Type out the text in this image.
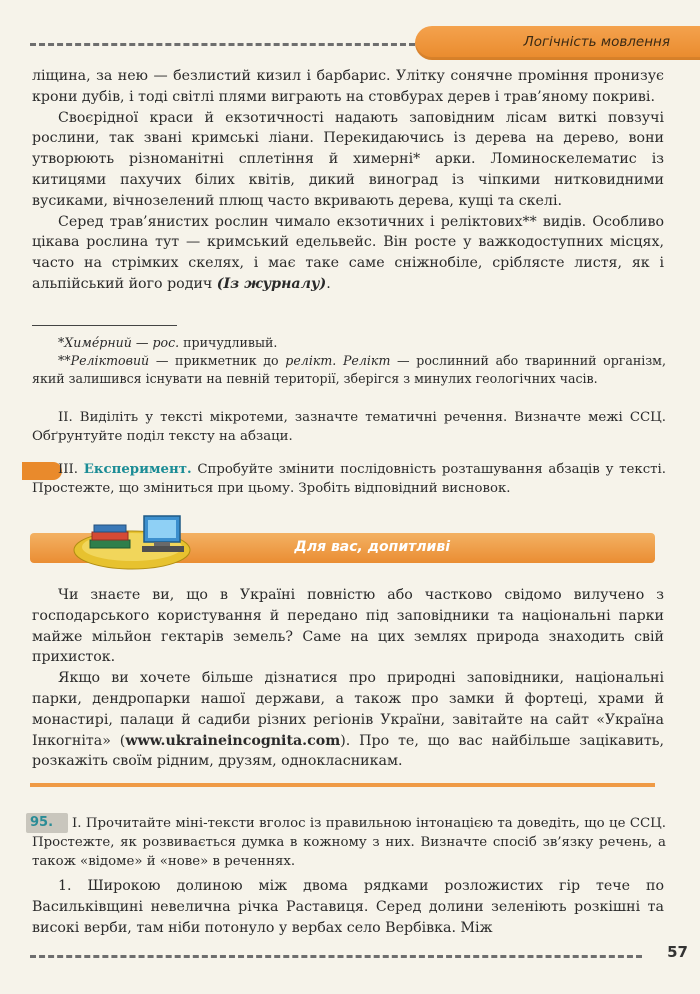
Логічність мовлення

ліщина, за нею — безлистий кизил і барбарис. Улітку сонячне проміння пронизує крони дубів, і тоді світлі плями виграють на стовбурах дерев і трав’яному покриві.

Своєрідної краси й екзотичності надають заповідним лісам виткі повзучі рослини, так звані кримські ліани. Перекидаючись із дерева на дерево, вони утворюють різноманітні сплетіння й химерні* арки. Ломиноскелематис із китицями пахучих білих квітів, дикий виноград із чіпкими нитковидними вусиками, вічнозелений плющ часто вкривають дерева, кущі та скелі.

Серед трав’янистих рослин чимало екзотичних і реліктових** видів. Особливо цікава рослина тут — кримський едельвейс. Він росте у важкодоступних місцях, часто на стрімких скелях, і має таке саме сніжнобіле, сріблясте листя, як і альпійський його родич (Із журналу).

*Химéрний — рос. причудливый.

**Реліктовий — прикметник до релікт. Релікт — рослинний або тваринний організм, який залишився існувати на певній території, зберігся з минулих геологічних часів.

II. Виділіть у тексті мікротеми, зазначте тематичні речення. Визначте межі ССЦ. Обґрунтуйте поділ тексту на абзаци.

III. Експеримент. Спробуйте змінити послідовність розташування абзаців у тексті. Простежте, що зміниться при цьому. Зробіть відповідний висновок.

Для вас, допитливі

Чи знаєте ви, що в Україні повністю або частково свідомо вилучено з господарського користування й передано під заповідники та національні парки майже мільйон гектарів земель? Саме на цих землях природа знаходить свій прихисток.

Якщо ви хочете більше дізнатися про природні заповідники, національні парки, дендропарки нашої держави, а також про замки й фортеці, храми й монастирі, палаци й садиби різних регіонів України, завітайте на сайт «Україна Інкогніта» (www.ukraineincognita.com). Про те, що вас найбільше зацікавить, розкажіть своїм рідним, друзям, однокласникам.

95.	I. Прочитайте міні-тексти вголос із правильною інтонацією та доведіть, що це ССЦ. Простежте, як розвивається думка в кожному з них. Визначте спосіб зв’язку речень, а також «відоме» й «нове» в реченнях.

1. Широкою долиною між двома рядками розложистих гір тече по Васильківщині невелична річка Раставиця. Серед долини зеленіють розкішні та високі верби, там ніби потонуло у вербах село Вербівка. Між

57
